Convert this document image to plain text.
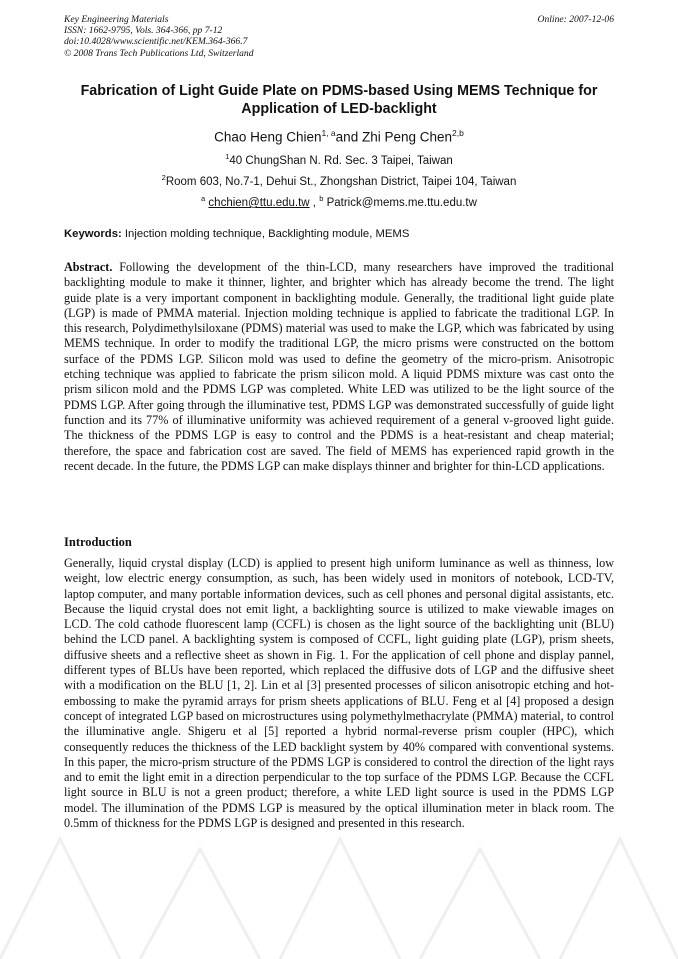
Key Engineering Materials
ISSN: 1662-9795, Vols. 364-366, pp 7-12
doi:10.4028/www.scientific.net/KEM.364-366.7
© 2008 Trans Tech Publications Ltd, Switzerland
Online: 2007-12-06
Fabrication of Light Guide Plate on PDMS-based Using MEMS Technique for Application of LED-backlight
Chao Heng Chien$^{1, a}$and Zhi Peng Chen$^{2,b}$
$^1$40 ChungShan N. Rd. Sec. 3 Taipei, Taiwan
$^2$Room 603, No.7-1, Dehui St., Zhongshan District, Taipei 104, Taiwan
$^a$ chchien@ttu.edu.tw , $^b$ Patrick@mems.me.ttu.edu.tw
Keywords: Injection molding technique, Backlighting module, MEMS
Abstract. Following the development of the thin-LCD, many researchers have improved the traditional backlighting module to make it thinner, lighter, and brighter which has already become the trend. The light guide plate is a very important component in backlighting module. Generally, the traditional light guide plate (LGP) is made of PMMA material. Injection molding technique is applied to fabricate the traditional LGP. In this research, Polydimethylsiloxane (PDMS) material was used to make the LGP, which was fabricated by using MEMS technique. In order to modify the traditional LGP, the micro prisms were constructed on the bottom surface of the PDMS LGP. Silicon mold was used to define the geometry of the micro-prism. Anisotropic etching technique was applied to fabricate the prism silicon mold. A liquid PDMS mixture was cast onto the prism silicon mold and the PDMS LGP was completed. White LED was utilized to be the light source of the PDMS LGP. After going through the illuminative test, PDMS LGP was demonstrated successfully of guide light function and its 77% of illuminative uniformity was achieved requirement of a general v-grooved light guide. The thickness of the PDMS LGP is easy to control and the PDMS is a heat-resistant and cheap material; therefore, the space and fabrication cost are saved. The field of MEMS has experienced rapid growth in the recent decade. In the future, the PDMS LGP can make displays thinner and brighter for thin-LCD applications.
Introduction
Generally, liquid crystal display (LCD) is applied to present high uniform luminance as well as thinness, low weight, low electric energy consumption, as such, has been widely used in monitors of notebook, LCD-TV, laptop computer, and many portable information devices, such as cell phones and personal digital assistants, etc. Because the liquid crystal does not emit light, a backlighting source is utilized to make viewable images on LCD. The cold cathode fluorescent lamp (CCFL) is chosen as the light source of the backlighting unit (BLU) behind the LCD panel. A backlighting system is composed of CCFL, light guiding plate (LGP), prism sheets, diffusive sheets and a reflective sheet as shown in Fig. 1. For the application of cell phone and display pannel, different types of BLUs have been reported, which replaced the diffusive dots of LGP and the diffusive sheet with a modification on the BLU [1, 2]. Lin et al [3] presented processes of silicon anisotropic etching and hot-embossing to make the pyramid arrays for prism sheets applications of BLU. Feng et al [4] proposed a design concept of integrated LGP based on microstructures using polymethylmethacrylate (PMMA) material, to control the illuminative angle. Shigeru et al [5] reported a hybrid normal-reverse prism coupler (HPC), which consequently reduces the thickness of the LED backlight system by 40% compared with conventional systems. In this paper, the micro-prism structure of the PDMS LGP is considered to control the direction of the light rays and to emit the light emit in a direction perpendicular to the top surface of the PDMS LGP. Because the CCFL light source in BLU is not a green product; therefore, a white LED light source is used in the PDMS LGP model. The illumination of the PDMS LGP is measured by the optical illumination meter in black room. The 0.5mm of thickness for the PDMS LGP is designed and presented in this research.
